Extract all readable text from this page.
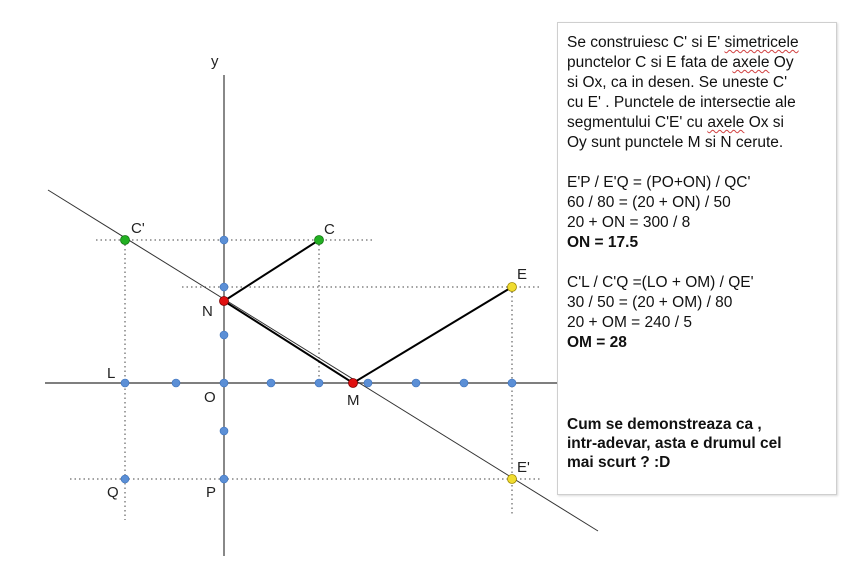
y
C'	C
E
E'
N
M
L
O
Q	P

Se construiesc C' si E' simetricele

punctelor C si E fata de axele Oy

si Ox, ca in desen. Se uneste C'

cu E' . Punctele de intersectie ale

segmentului C'E' cu axele Ox si

Oy sunt punctele M si N cerute.

E'P / E'Q = (PO+ON) / QC'

60 / 80 = (20 + ON) / 50

20 + ON = 300 / 8

ON = 17.5

C'L / C'Q =(LO + OM) / QE'

30 / 50 = (20 + OM) / 80

20 + OM = 240 / 5

OM = 28

Cum se demonstreaza ca ,

intr-adevar, asta e drumul cel

mai scurt ? :D
